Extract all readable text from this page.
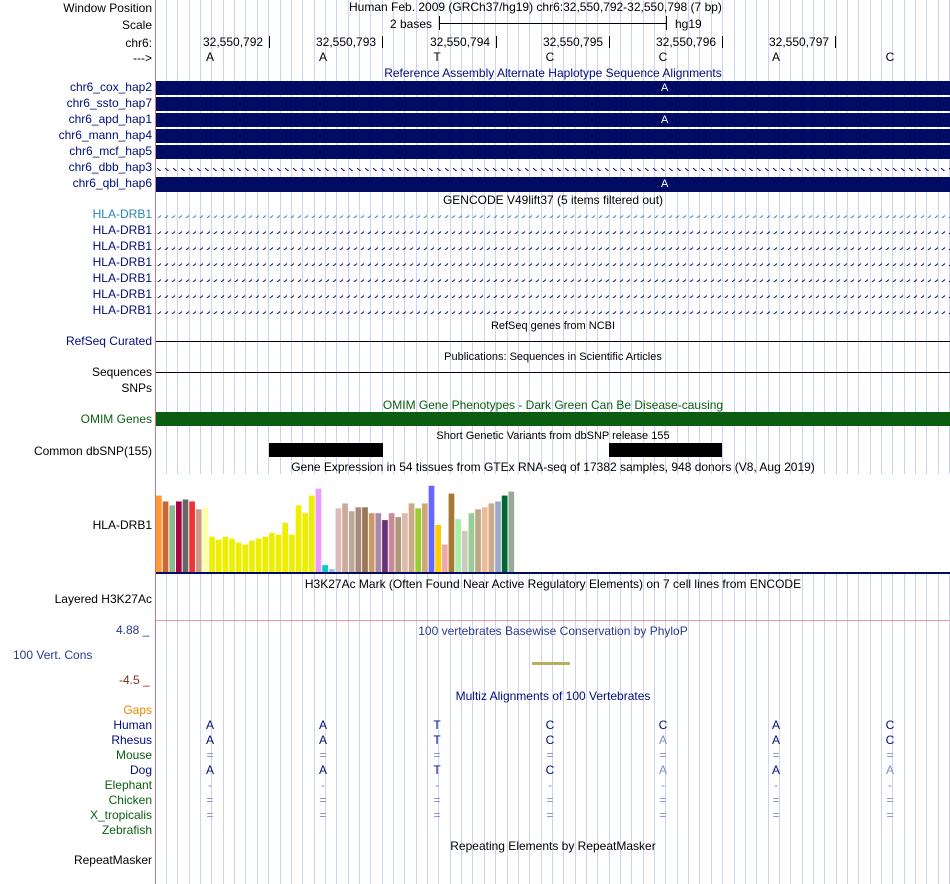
Window Position	Human Feb. 2009 (GRCh37/hg19) chr6:32,550,792-32,550,798 (7 bp)
Scale	2 bases	hg19
chr6:
--->
Reference Assembly Alternate Haplotype Sequence Alignments
chr6_cox_hap2	A
chr6_ssto_hap7
chr6_apd_hap1	A
chr6_mann_hap4
chr6_mcf_hap5
chr6_dbb_hap3
chr6_qbl_hap6	A
GENCODE V49lift37 (5 items filtered out)
HLA-DRB1
HLA-DRB1
HLA-DRB1
HLA-DRB1
HLA-DRB1
HLA-DRB1
HLA-DRB1
RefSeq genes from NCBI
RefSeq Curated
Publications: Sequences in Scientific Articles
Sequences
SNPs
OMIM Gene Phenotypes - Dark Green Can Be Disease-causing
OMIM Genes
Short Genetic Variants from dbSNP release 155
Common dbSNP(155)
Gene Expression in 54 tissues from GTEx RNA-seq of 17382 samples, 948 donors (V8, Aug 2019)
HLA-DRB1
H3K27Ac Mark (Often Found Near Active Regulatory Elements) on 7 cell lines from ENCODE
Layered H3K27Ac
100 vertebrates Basewise Conservation by PhyloP
4.88 _
100 Vert. Cons
-4.5 _
Multiz Alignments of 100 Vertebrates
Gaps
Human	A	A	T	C	C	A	C
Rhesus	A	A	T	C	A	A	C
Mouse	=	=	=	=	=	=	=
Dog	A	A	T	C	A	A	A
Elephant	-	-	-	-	-	-	-
Chicken	=	=	=	=	=	=	=
X_tropicalis	=	=	=	=	=	=	=
Zebrafish
Repeating Elements by RepeatMasker
RepeatMasker
32,550,792	32,550,793	32,550,794	32,550,795	32,550,796	32,550,797
A	A	T	C	C	A	C
